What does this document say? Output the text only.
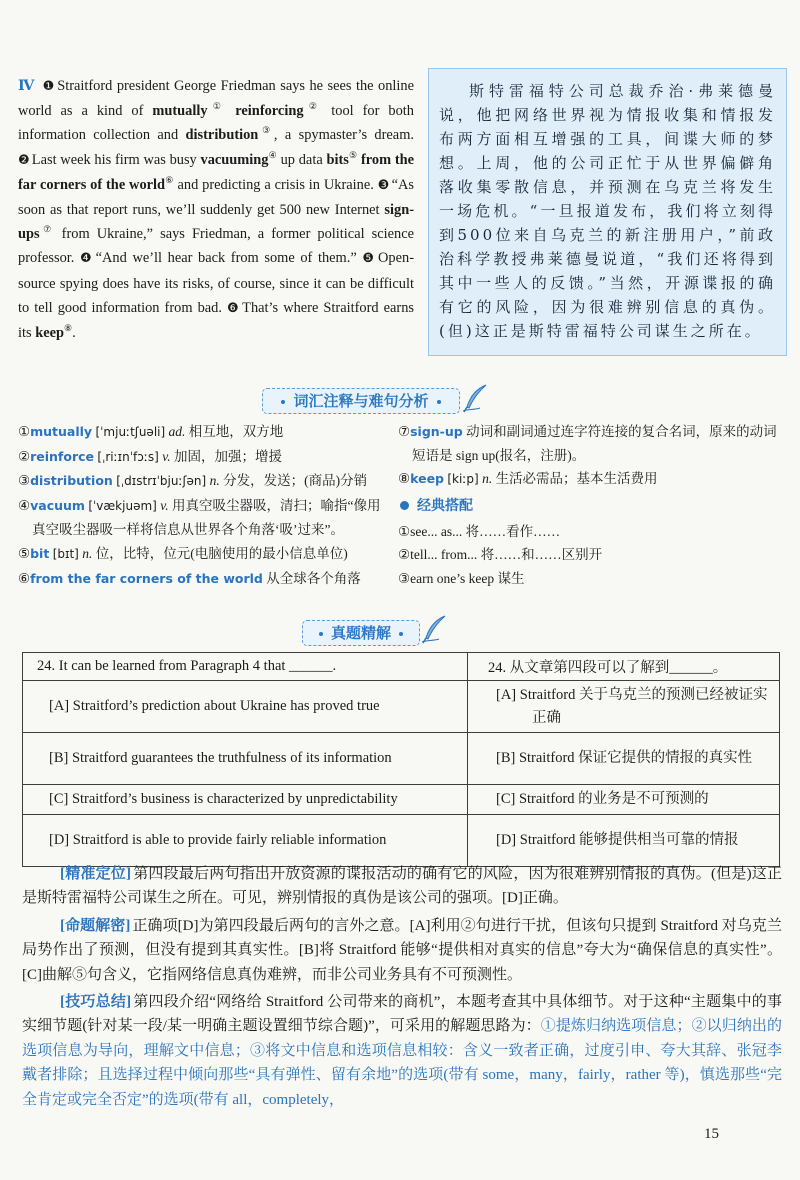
Ⅳ ❶ Straitford president George Friedman says he sees the online world as a kind of mutually① reinforcing② tool for both information collection and distribution③, a spymaster’s dream. ❷ Last week his firm was busy vacuuming④ up data bits⑤ from the far corners of the world⑥ and predicting a crisis in Ukraine. ❸ “As soon as that report runs, we’ll suddenly get 500 new Internet sign-ups⑦ from Ukraine,” says Friedman, a former political science professor. ❹ “And we’ll hear back from some of them.” ❺ Open-source spying does have its risks, of course, since it can be difficult to tell good information from bad. ❻ That’s where Straitford earns its keep⑧.
斯特雷福特公司总裁乔治·弗莱德曼说，他把网络世界视为情报收集和情报发布两方面相互增强的工具，间谍大师的梦想。上周，他的公司正忙于从世界偏僻角落收集零散信息，并预测在乌克兰将发生一场危机。“一旦报道发布，我们将立刻得到500位来自乌克兰的新注册用户，”前政治科学教授弗莱德曼说道，“我们还将得到其中一些人的反馈。”当然，开源谍报的确有它的风险，因为很难辨别信息的真伪。(但)这正是斯特雷福特公司谋生之所在。
词汇注释与难句分析
①mutually [ˈmjuːtʃuəli] ad. 相互地，双方地
②reinforce [ˌriːɪnˈfɔːs] v. 加固，加强；增援
③distribution [ˌdɪstrɪˈbjuːʃən] n. 分发，发送；(商品)分销
④vacuum [ˈvækjuəm] v. 用真空吸尘器吸，清扫；喻指“像用真空吸尘器吸一样将信息从世界各个角落‘吸’过来”。
⑤bit [bɪt] n. 位，比特，位元(电脑使用的最小信息单位)
⑥from the far corners of the world 从全球各个角落
⑦sign-up 动词和副词通过连字符连接的复合名词，原来的动词短语是 sign up(报名，注册)。
⑧keep [kiːp] n. 生活必需品；基本生活费用
经典搭配
①see... as... 将……看作……
②tell... from... 将……和……区别开
③earn one’s keep 谋生
真题精解
24. It can be learned from Paragraph 4 that ______.	24. 从文章第四段可以了解到______。
[A] Straitford’s prediction about Ukraine has proved true	[A] Straitford 关于乌克兰的预测已经被证实正确
[B] Straitford guarantees the truthfulness of its information	[B] Straitford 保证它提供的情报的真实性
[C] Straitford’s business is characterized by unpredictability	[C] Straitford 的业务是不可预测的
[D] Straitford is able to provide fairly reliable information	[D] Straitford 能够提供相当可靠的情报

[精准定位] 第四段最后两句指出开放资源的谍报活动的确有它的风险，因为很难辨别情报的真伪。(但是)这正是斯特雷福特公司谋生之所在。可见，辨别情报的真伪是该公司的强项。[D]正确。

[命题解密] 正确项[D]为第四段最后两句的言外之意。[A]利用②句进行干扰，但该句只提到 Straitford 对乌克兰局势作出了预测，但没有提到其真实性。[B]将 Straitford 能够“提供相对真实的信息”夸大为“确保信息的真实性”。[C]曲解⑤句含义，它指网络信息真伪难辨，而非公司业务具有不可预测性。

[技巧总结] 第四段介绍“网络给 Straitford 公司带来的商机”，本题考查其中具体细节。对于这种“主题集中的事实细节题(针对某一段/某一明确主题设置细节综合题)”，可采用的解题思路为：①提炼归纳选项信息；②以归纳出的选项信息为导向，理解文中信息；③将文中信息和选项信息相较：含义一致者正确，过度引申、夸大其辞、张冠李戴者排除；且选择过程中倾向那些“具有弹性、留有余地”的选项(带有 some，many，fairly，rather 等)，慎选那些“完全肯定或完全否定”的选项(带有 all，completely，

15
